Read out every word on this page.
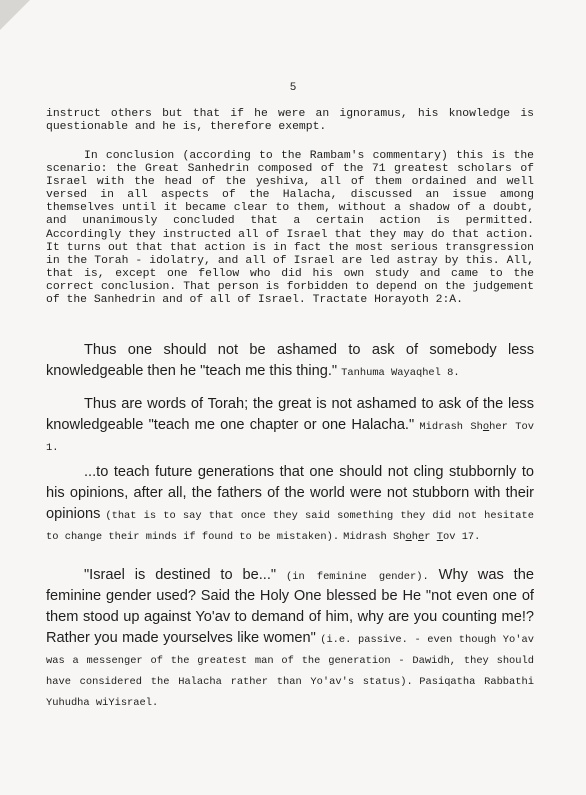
5

instruct others but that if he were an ignoramus, his knowledge is questionable and he is, therefore exempt.

In conclusion (according to the Rambam's commentary) this is the scenario: the Great Sanhedrin composed of the 71 greatest scholars of Israel with the head of the yeshiva, all of them ordained and well versed in all aspects of the Halacha, discussed an issue among themselves until it became clear to them, without a shadow of a doubt, and unanimously concluded that a certain action is permitted. Accordingly they instructed all of Israel that they may do that action. It turns out that that action is in fact the most serious transgression in the Torah - idolatry, and all of Israel are led astray by this. All, that is, except one fellow who did his own study and came to the correct conclusion. That person is forbidden to depend on the judgement of the Sanhedrin and of all of Israel. Tractate Horayoth 2:A.

Thus one should not be ashamed to ask of somebody less knowledgeable then he "teach me this thing." Tanhuma Wayaqhel 8.

Thus are words of Torah; the great is not ashamed to ask of the less knowledgeable "teach me one chapter or one Halacha." Midrash Shoher Tov 1.

...to teach future generations that one should not cling stubbornly to his opinions, after all, the fathers of the world were not stubborn with their opinions (that is to say that once they said something they did not hesitate to change their minds if found to be mistaken). Midrash Shoher Tov 17.

"Israel is destined to be..." (in feminine gender). Why was the feminine gender used? Said the Holy One blessed be He "not even one of them stood up against Yo'av to demand of him, why are you counting me!? Rather you made yourselves like women" (i.e. passive. - even though Yo'av was a messenger of the greatest man of the generation - Dawidh, they should have considered the Halacha rather than Yo'av's status). Pasiqatha Rabbathi Yuhudha wiYisrael.
